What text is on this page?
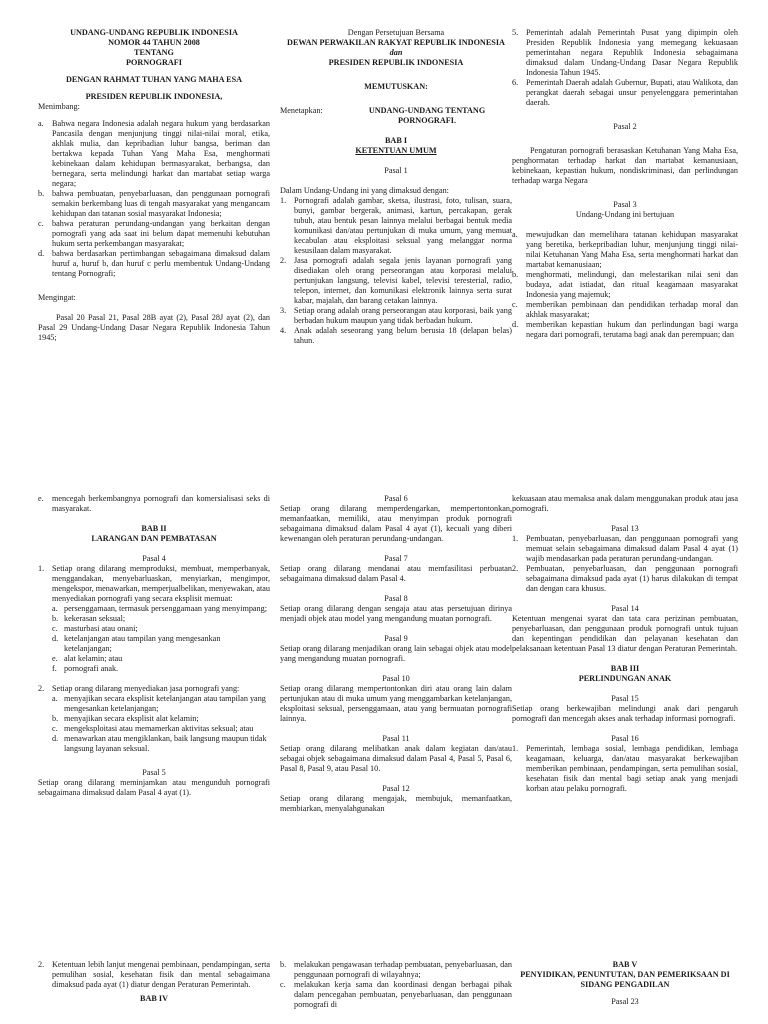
UNDANG-UNDANG REPUBLIK INDONESIA

NOMOR 44 TAHUN 2008

TENTANG

PORNOGRAFI

DENGAN RAHMAT TUHAN YANG MAHA ESA

PRESIDEN REPUBLIK INDONESIA,

Menimbang:

a. Bahwa negara Indonesia adalah negara hukum yang berdasarkan Pancasila dengan menjunjung tinggi nilai-nilai moral, etika, akhlak mulia, dan kepribadian luhur bangsa, beriman dan bertakwa kepada Tuhan Yang Maha Esa, menghormati kebinekaan dalam kehidupan bermasyarakat, berbangsa, dan bernegara, serta melindungi harkat dan martabat setiap warga negara;
b. bahwa pembuatan, penyebarluasan, dan penggunaan pornografi semakin berkembang luas di tengah masyarakat yang mengancam kehidupan dan tatanan sosial masyarakat Indonesia;
c. bahwa peraturan perundang-undangan yang berkaitan dengan pornografi yang ada saat ini belum dapat memenuhi kebutuhan hukum serta perkembangan masyarakat;
d. bahwa berdasarkan pertimbangan sebagaimana dimaksud dalam huruf a, huruf b, dan huruf c perlu membentuk Undang-Undang tentang Pornografi;

Mengingat:

Pasal 20 Pasal 21, Pasal 28B ayat (2), Pasal 28J ayat (2), dan Pasal 29 Undang-Undang Dasar Negara Republik Indonesia Tahun 1945;

Dengan Persetujuan Bersama

DEWAN PERWAKILAN RAKYAT REPUBLIK INDONESIA

dan

PRESIDEN REPUBLIK INDONESIA

MEMUTUSKAN:

Menetapkan:	UNDANG-UNDANG TENTANG PORNOGRAFI.

BAB I

KETENTUAN UMUM

Pasal 1

Dalam Undang-Undang ini yang dimaksud dengan:

1. Pornografi adalah gambar, sketsa, ilustrasi, foto, tulisan, suara, bunyi, gambar bergerak, animasi, kartun, percakapan, gerak tubuh, atau bentuk pesan lainnya melalui berbagai bentuk media komunikasi dan/atau pertunjukan di muka umum, yang memuat kecabulan atau eksploitasi seksual yang melanggar norma kesusilaan dalam masyarakat.
2. Jasa pornografi adalah segala jenis layanan pornografi yang disediakan oleh orang perseorangan atau korporasi melalui pertunjukan langsung, televisi kabel, televisi teresterial, radio, telepon, internet, dan komunikasi elektronik lainnya serta surat kabar, majalah, dan barang cetakan lainnya.
3. Setiap orang adalah orang perseorangan atau korporasi, baik yang berbadan hukum maupun yang tidak berbadan hukum.
4. Anak adalah seseorang yang belum berusia 18 (delapan belas) tahun.
5. Pemerintah adalah Pemerintah Pusat yang dipimpin oleh Presiden Republik Indonesia yang memegang kekuasaan pemerintahan negara Republik Indonesia sebagaimana dimaksud dalam Undang-Undang Dasar Negara Republik Indonesia Tahun 1945.
6. Pemerintah Daerah adalah Gubernur, Bupati, atau Walikota, dan perangkat daerah sebagai unsur penyelenggara pemerintahan daerah.

Pasal 2

Pengaturan pornografi berasaskan Ketuhanan Yang Maha Esa, penghormatan terhadap harkat dan martabat kemanusiaan, kebinekaan, kepastian hukum, nondiskriminasi, dan perlindungan terhadap warga Negara

Pasal 3

Undang-Undang ini bertujuan

a. mewujudkan dan memelihara tatanan kehidupan masyarakat yang beretika, berkepribadian luhur, menjunjung tinggi nilai-nilai Ketuhanan Yang Maha Esa, serta menghormati harkat dan martabat kemanusiaan;
b. menghormati, melindungi, dan melestarikan nilai seni dan budaya, adat istiadat, dan ritual keagamaan masyarakat Indonesia yang majemuk;
c. memberikan pembinaan dan pendidikan terhadap moral dan akhlak masyarakat;
d. memberikan kepastian hukum dan perlindungan bagi warga negara dari pornografi, terutama bagi anak dan perempuan; dan
e. mencegah berkembangnya pornografi dan komersialisasi seks di masyarakat.

BAB II

LARANGAN DAN PEMBATASAN

Pasal 4

1. Setiap orang dilarang memproduksi, membuat, memperbanyak, menggandakan, menyebarluaskan, menyiarkan, mengimpor, mengekspor, menawarkan, memperjualbelikan, menyewakan, atau menyediakan pornografi yang secara eksplisit memuat:
a. persenggamaan, termasuk persenggamaan yang menyimpang;
b. kekerasan seksual;
c. masturbasi atau onani;
d. ketelanjangan atau tampilan yang mengesankan ketelanjangan;
e. alat kelamin; atau
f. pornografi anak.
2. Setiap orang dilarang menyediakan jasa pornografi yang:
a. menyajikan secara eksplisit ketelanjangan atau tampilan yang mengesankan ketelanjangan;
b. menyajikan secara eksplisit alat kelamin;
c. mengeksploitasi atau memamerkan aktivitas seksual; atau
d. menawarkan atau mengiklankan, baik langsung maupun tidak langsung layanan seksual.

Pasal 5

Setiap orang dilarang meminjamkan atau mengunduh pornografi sebagaimana dimaksud dalam Pasal 4 ayat (1).

Pasal 6

Setiap orang dilarang memperdengarkan, mempertontonkan, memanfaatkan, memiliki, atau menyimpan produk pornografi sebagaimana dimaksud dalam Pasal 4 ayat (1), kecuali yang diberi kewenangan oleh peraturan perundang-undangan.

Pasal 7

Setiap orang dilarang mendanai atau memfasilitasi perbuatan sebagaimana dimaksud dalam Pasal 4.

Pasal 8

Setiap orang dilarang dengan sengaja atau atas persetujuan dirinya menjadi objek atau model yang mengandung muatan pornografi.

Pasal 9

Setiap orang dilarang menjadikan orang lain sebagai objek atau model yang mengandung muatan pornografi.

Pasal 10

Setiap orang dilarang mempertontonkan diri atau orang lain dalam pertunjukan atau di muka umum yang menggambarkan ketelanjangan, eksploitasi seksual, persenggamaan, atau yang bermuatan pornografi lainnya.

Pasal 11

Setiap orang dilarang melibatkan anak dalam kegiatan dan/atau sebagai objek sebagaimana dimaksud dalam Pasal 4, Pasal 5, Pasal 6, Pasal 8, Pasal 9, atau Pasal 10.

Pasal 12

Setiap orang dilarang mengajak, membujuk, memanfaatkan, membiarkan, menyalahgunakan

kekuasaan atau memaksa anak dalam menggunakan produk atau jasa pornografi.

Pasal 13

1. Pembuatan, penyebarluasan, dan penggunaan pornografi yang memuat selain sebagaimana dimaksud dalam Pasal 4 ayat (1) wajib mendasarkan pada peraturan perundang-undangan.
2. Pembuatan, penyebarluasan, dan penggunaan pornografi sebagaimana dimaksud pada ayat (1) harus dilakukan di tempat dan dengan cara khusus.

Pasal 14

Ketentuan mengenai syarat dan tata cara perizinan pembuatan, penyebarluasan, dan penggunaan produk pornografi untuk tujuan dan kepentingan pendidikan dan pelayanan kesehatan dan pelaksanaan ketentuan Pasal 13 diatur dengan Peraturan Pemerintah.

BAB III

PERLINDUNGAN ANAK

Pasal 15

Setiap orang berkewajiban melindungi anak dari pengaruh pornografi dan mencegah akses anak terhadap informasi pornografi.

Pasal 16

1. Pemerintah, lembaga sosial, lembaga pendidikan, lembaga keagamaan, keluarga, dan/atau masyarakat berkewajiban memberikan pembinaan, pendampingan, serta pemulihan sosial, kesehatan fisik dan mental bagi setiap anak yang menjadi korban atau pelaku pornografi.
2. Ketentuan lebih lanjut mengenai pembinaan, pendampingan, serta pemulihan sosial, kesehatan fisik dan mental sebagaimana dimaksud pada ayat (1) diatur dengan Peraturan Pemerintah.

BAB IV

b. melakukan pengawasan terhadap pembuatan, penyebarluasan, dan penggunaan pornografi di wilayahnya;
c. melakukan kerja sama dan koordinasi dengan berbagai pihak dalam pencegahan pembuatan, penyebarluasan, dan penggunaan pornografi di

BAB V

PENYIDIKAN, PENUNTUTAN, DAN PEMERIKSAAN DI SIDANG PENGADILAN

Pasal 23
